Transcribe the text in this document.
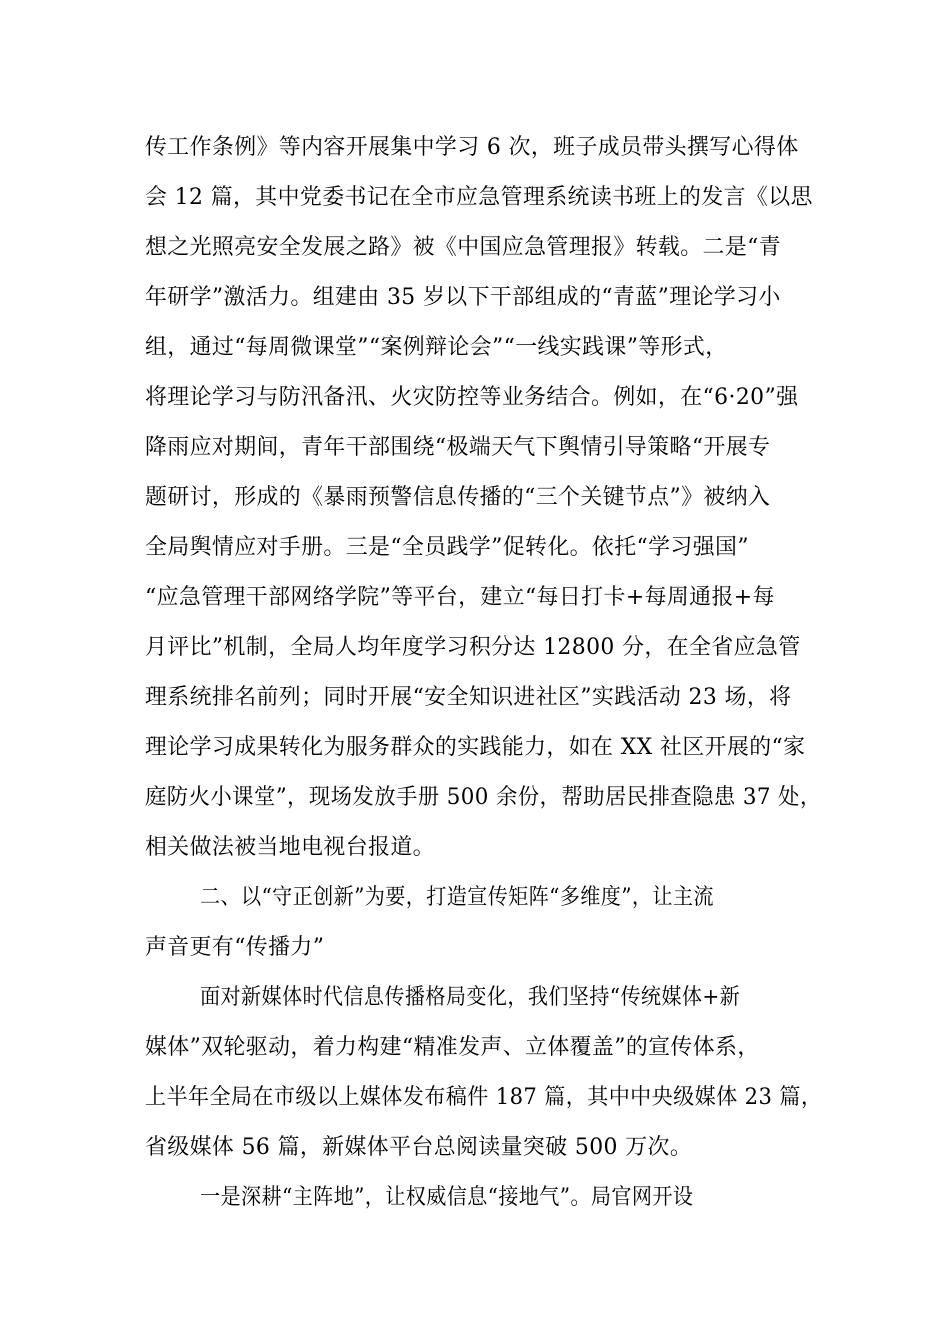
传工作条例》等内容开展集中学习 6 次，班子成员带头撰写心得体
会 12 篇，其中党委书记在全市应急管理系统读书班上的发言《以思
想之光照亮安全发展之路》被《中国应急管理报》转载。二是“青
年研学”激活力。组建由 35 岁以下干部组成的“青蓝”理论学习小
组，通过“每周微课堂”“案例辩论会”“一线实践课”等形式，
将理论学习与防汛备汛、火灾防控等业务结合。例如，在“6·20”强
降雨应对期间，青年干部围绕“极端天气下舆情引导策略“开展专
题研讨，形成的《暴雨预警信息传播的“三个关键节点”》被纳入
全局舆情应对手册。三是“全员践学”促转化。依托“学习强国”
“应急管理干部网络学院”等平台，建立“每日打卡+每周通报+每
月评比”机制，全局人均年度学习积分达 12800 分，在全省应急管
理系统排名前列；同时开展“安全知识进社区”实践活动 23 场，将
理论学习成果转化为服务群众的实践能力，如在 XX 社区开展的“家
庭防火小课堂”，现场发放手册 500 余份，帮助居民排查隐患 37 处，
相关做法被当地电视台报道。
二、以“守正创新”为要，打造宣传矩阵“多维度”，让主流
声音更有“传播力”
面对新媒体时代信息传播格局变化，我们坚持“传统媒体+新
媒体”双轮驱动，着力构建“精准发声、立体覆盖”的宣传体系，
上半年全局在市级以上媒体发布稿件 187 篇，其中中央级媒体 23 篇，
省级媒体 56 篇，新媒体平台总阅读量突破 500 万次。
一是深耕“主阵地”，让权威信息“接地气”。局官网开设
